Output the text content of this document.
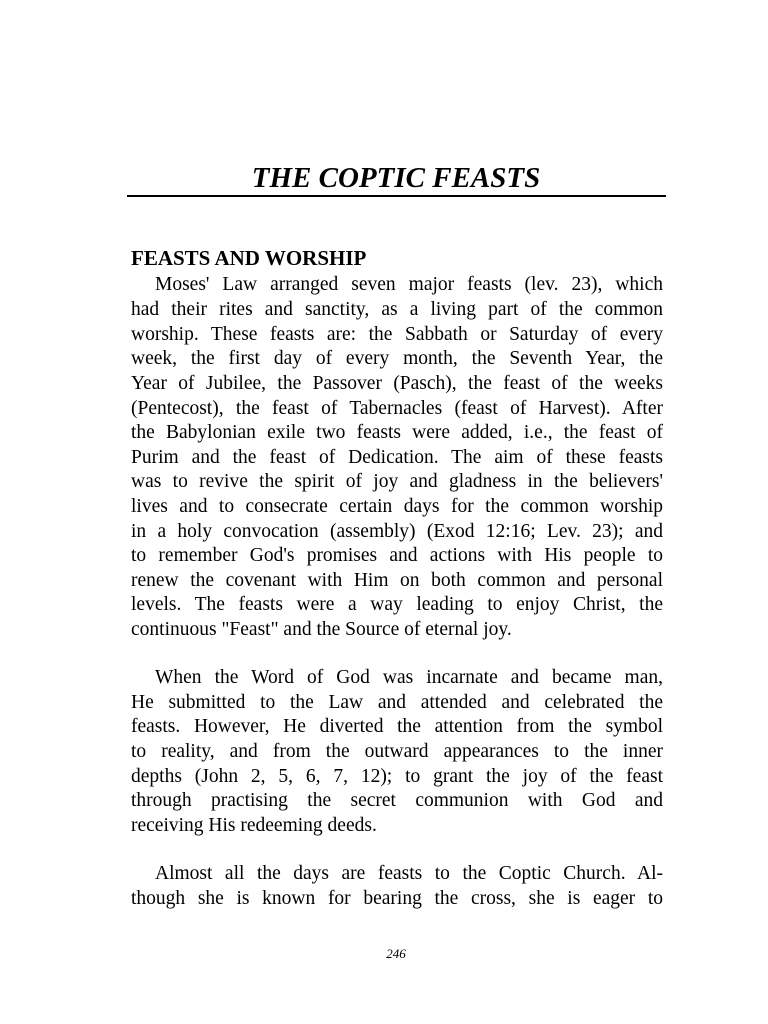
THE COPTIC FEASTS
FEASTS AND WORSHIP
Moses' Law arranged seven major feasts (lev. 23), which
had their rites and sanctity, as a living part of the common
worship. These feasts are: the Sabbath or Saturday of every
week, the first day of every month, the Seventh Year, the
Year of Jubilee, the Passover (Pasch), the feast of the weeks
(Pentecost), the feast of Tabernacles (feast of Harvest). After
the Babylonian exile two feasts were added, i.e., the feast of
Purim and the feast of Dedication. The aim of these feasts
was to revive the spirit of joy and gladness in the believers'
lives and to consecrate certain days for the common worship
in a holy convocation (assembly) (Exod 12:16; Lev. 23); and
to remember God's promises and actions with His people to
renew the covenant with Him on both common and personal
levels. The feasts were a way leading to enjoy Christ, the
continuous "Feast" and the Source of eternal joy.
When the Word of God was incarnate and became man,
He submitted to the Law and attended and celebrated the
feasts. However, He diverted the attention from the symbol
to reality, and from the outward appearances to the inner
depths (John 2, 5, 6, 7, 12); to grant the joy of the feast
through practising the secret communion with God and
receiving His redeeming deeds.
Almost all the days are feasts to the Coptic Church. Al-
though she is known for bearing the cross, she is eager to
246
